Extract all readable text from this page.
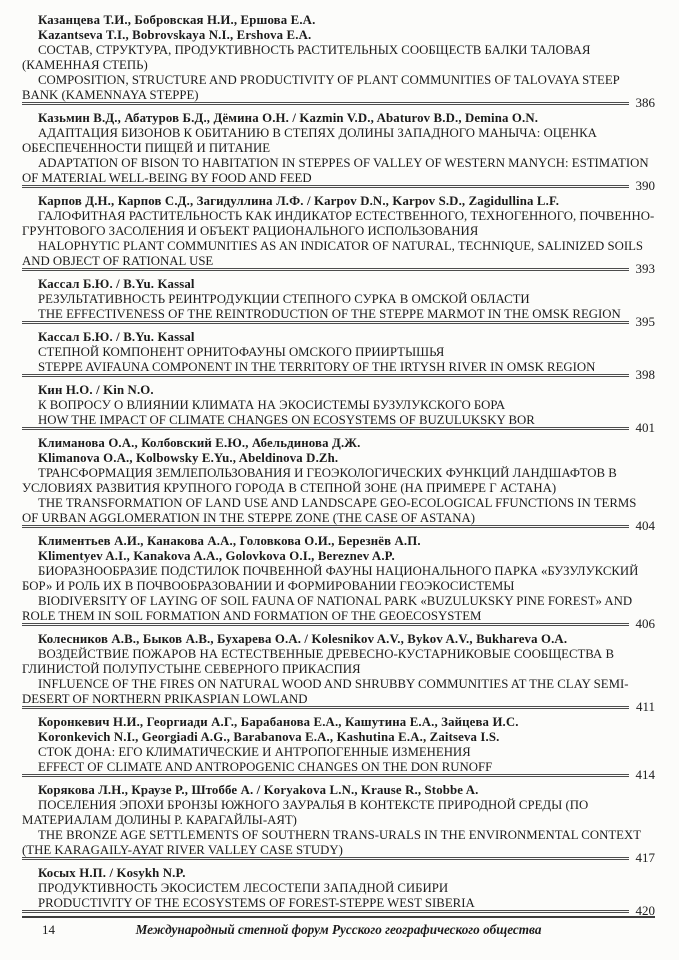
Казанцева Т.И., Бобровская Н.И., Ершова Е.А.

Kazantseva T.I., Bobrovskaya N.I., Ershova E.A.

СОСТАВ, СТРУКТУРА, ПРОДУКТИВНОСТЬ РАСТИТЕЛЬНЫХ СООБЩЕСТВ БАЛКИ ТАЛОВАЯ (КАМЕННАЯ СТЕПЬ)

COMPOSITION, STRUCTURE AND PRODUCTIVITY OF PLANT COMMUNITIES OF TALOVAYA STEEP BANK (KAMENNAYA STEPPE)	386

Казьмин В.Д., Абатуров Б.Д., Дёмина О.Н. / Kazmin V.D., Abaturov B.D., Demina O.N.

АДАПТАЦИЯ БИЗОНОВ К ОБИТАНИЮ В СТЕПЯХ ДОЛИНЫ ЗАПАДНОГО МАНЫЧА: ОЦЕНКА ОБЕСПЕЧЕННОСТИ ПИЩЕЙ И ПИТАНИЕ

ADAPTATION OF BISON TO HABITATION IN STEPPES OF VALLEY OF WESTERN MANYCH: ESTIMATION OF MATERIAL WELL-BEING BY FOOD AND FEED	390

Карпов Д.Н., Карпов С.Д., Загидуллина Л.Ф. / Karpov D.N., Karpov S.D., Zagidullina L.F.

ГАЛОФИТНАЯ РАСТИТЕЛЬНОСТЬ КАК ИНДИКАТОР ЕСТЕСТВЕННОГО, ТЕХНОГЕННОГО, ПОЧВЕННО-ГРУНТОВОГО ЗАСОЛЕНИЯ И ОБЪЕКТ РАЦИОНАЛЬНОГО ИСПОЛЬЗОВАНИЯ

HALOPHYTIC PLANT COMMUNITIES AS AN INDICATOR OF NATURAL, TECHNIQUE, SALINIZED SOILS AND OBJECT OF RATIONAL USE	393

Кассал Б.Ю. / B.Yu. Kassal

РЕЗУЛЬТАТИВНОСТЬ РЕИНТРОДУКЦИИ СТЕПНОГО СУРКА В ОМСКОЙ ОБЛАСТИ

THE EFFECTIVENESS OF THE REINTRODUCTION OF THE STEPPE MARMOT IN THE OMSK REGION	395

Кассал Б.Ю. / B.Yu. Kassal

СТЕПНОЙ КОМПОНЕНТ ОРНИТОФАУНЫ ОМСКОГО ПРИИРТЫШЬЯ

STEPPE AVIFAUNA COMPONENT IN THE TERRITORY OF THE IRTYSH RIVER IN OMSK REGION	398

Кин Н.О. / Kin N.O.

К ВОПРОСУ О ВЛИЯНИИ КЛИМАТА НА ЭКОСИСТЕМЫ БУЗУЛУКСКОГО БОРА

HOW THE IMPACT OF CLIMATE CHANGES ON ECOSYSTEMS OF BUZULUKSKY BOR	401

Климанова О.А., Колбовский Е.Ю., Абельдинова Д.Ж.

Klimanova O.A., Kolbowsky E.Yu., Abeldinova D.Zh.

ТРАНСФОРМАЦИЯ ЗЕМЛЕПОЛЬЗОВАНИЯ И ГЕОЭКОЛОГИЧЕСКИХ ФУНКЦИЙ ЛАНДШАФТОВ В УСЛОВИЯХ РАЗВИТИЯ КРУПНОГО ГОРОДА В СТЕПНОЙ ЗОНЕ (НА ПРИМЕРЕ Г АСТАНА)

THE TRANSFORMATION OF LAND USE AND LANDSCAPE GEO-ECOLOGICAL FFUNCTIONS IN TERMS OF URBAN AGGLOMERATION IN THE STEPPE ZONE (THE CASE OF ASTANA)	404

Климентьев А.И., Канакова А.А., Головкова О.И., Березнёв А.П.

Klimentyev A.I., Kanakova A.A., Golovkova O.I., Bereznev A.P.

БИОРАЗНООБРАЗИЕ ПОДСТИЛОК ПОЧВЕННОЙ ФАУНЫ НАЦИОНАЛЬНОГО ПАРКА «БУЗУЛУКСКИЙ БОР» И РОЛЬ ИХ В ПОЧВООБРАЗОВАНИИ И ФОРМИРОВАНИИ ГЕОЭКОСИСТЕМЫ

BIODIVERSITY OF LAYING OF SOIL FAUNA OF NATIONAL PARK «BUZULUKSKY PINE FOREST» AND ROLE THEM IN SOIL FORMATION AND FORMATION OF THE GEOECOSYSTEM	406

Колесников А.В., Быков А.В., Бухарева О.А. / Kolesnikov A.V., Bykov A.V., Bukhareva O.A.

ВОЗДЕЙСТВИЕ ПОЖАРОВ НА ЕСТЕСТВЕННЫЕ ДРЕВЕСНО-КУСТАРНИКОВЫЕ СООБЩЕСТВА В ГЛИНИСТОЙ ПОЛУПУСТЫНЕ СЕВЕРНОГО ПРИКАСПИЯ

INFLUENCE OF THE FIRES ON NATURAL WOOD AND SHRUBBY COMMUNITIES AT THE CLAY SEMI-DESERT OF NORTHERN PRIKASPIAN LOWLAND	411

Коронкевич Н.И., Георгиади А.Г., Барабанова Е.А., Кашутина Е.А., Зайцева И.С.

Koronkevich N.I., Georgiadi A.G., Barabanova E.A., Kashutina E.A., Zaitseva I.S.

СТОК ДОНА: ЕГО КЛИМАТИЧЕСКИЕ И АНТРОПОГЕННЫЕ ИЗМЕНЕНИЯ

EFFECT OF CLIMATE AND ANTROPOGENIC CHANGES ON THE DON RUNOFF	414

Корякова Л.Н., Краузе Р., Штоббе А. / Koryakova L.N., Krause R., Stobbe A.

ПОСЕЛЕНИЯ ЭПОХИ БРОНЗЫ ЮЖНОГО ЗАУРАЛЬЯ В КОНТЕКСТЕ ПРИРОДНОЙ СРЕДЫ (ПО МАТЕРИАЛАМ ДОЛИНЫ Р. КАРАГАЙЛЫ-АЯТ)

THE BRONZE AGE SETTLEMENTS OF SOUTHERN TRANS-URALS IN THE ENVIRONMENTAL CONTEXT (THE KARAGAILY-AYAT RIVER VALLEY CASE STUDY)	417

Косых Н.П. / Kosykh N.P.

ПРОДУКТИВНОСТЬ ЭКОСИСТЕМ ЛЕСОСТЕПИ ЗАПАДНОЙ СИБИРИ

PRODUCTIVITY OF THE ECOSYSTEMS OF FOREST-STEPPE WEST SIBERIA	420
14	Международный степной форум Русского географического общества
